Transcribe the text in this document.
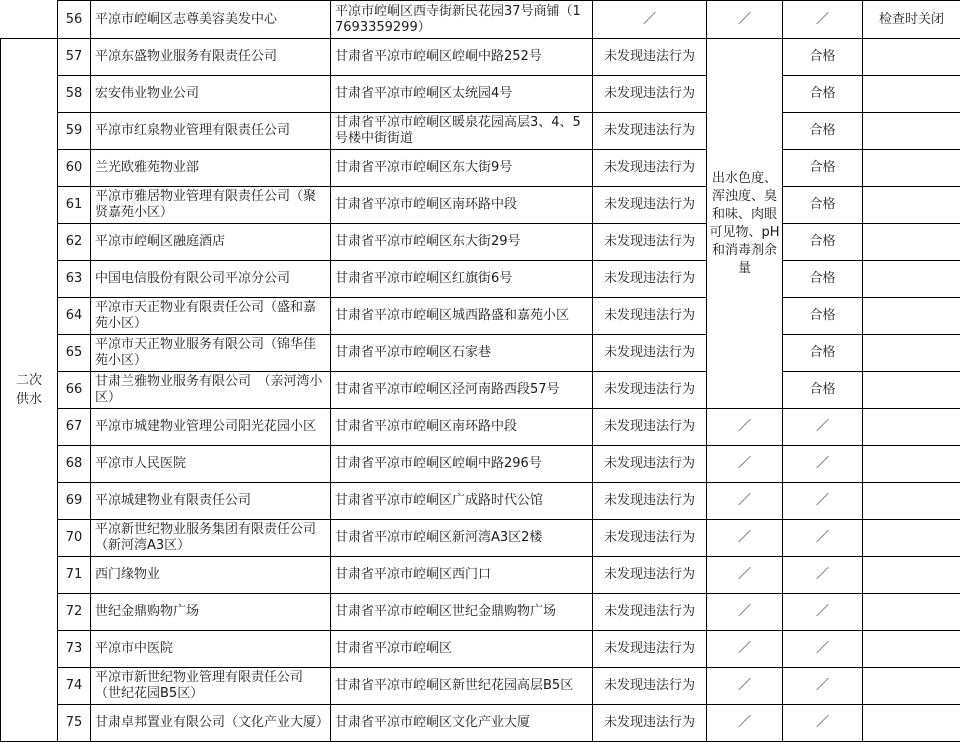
	56	平凉市崆峒区志尊美容美发中心	平凉市崆峒区西寺街新民花园37号商铺（17693359299）	／	／	／	检查时关闭
二次供水	57	平凉东盛物业服务有限责任公司	甘肃省平凉市崆峒区崆峒中路252号	未发现违法行为	出水色度、浑浊度、臭和味、肉眼可见物、pH和消毒剂余量	合格	
	58	宏安伟业物业公司	甘肃省平凉市崆峒区太统园4号	未发现违法行为		合格	
	59	平凉市红泉物业管理有限责任公司	甘肃省平凉市崆峒区暖泉花园高层3、4、5号楼中街街道	未发现违法行为		合格	
	60	兰光欧雅苑物业部	甘肃省平凉市崆峒区东大街9号	未发现违法行为		合格	
	61	平凉市雅居物业管理有限责任公司（聚贤嘉苑小区）	甘肃省平凉市崆峒区南环路中段	未发现违法行为		合格	
	62	平凉市崆峒区融庭酒店	甘肃省平凉市崆峒区东大街29号	未发现违法行为		合格	
	63	中国电信股份有限公司平凉分公司	甘肃省平凉市崆峒区红旗街6号	未发现违法行为		合格	
	64	平凉市天正物业有限责任公司（盛和嘉苑小区）	甘肃省平凉市崆峒区城西路盛和嘉苑小区	未发现违法行为		合格	
	65	平凉市天正物业服务有限公司（锦华佳苑小区）	甘肃省平凉市崆峒区石家巷	未发现违法行为		合格	
	66	甘肃兰雅物业服务有限公司　（亲河湾小区）	甘肃省平凉市崆峒区泾河南路西段57号	未发现违法行为		合格	
	67	平凉市城建物业管理公司阳光花园小区	甘肃省平凉市崆峒区南环路中段	未发现违法行为	／	／	
	68	平凉市人民医院	甘肃省平凉市崆峒区崆峒中路296号	未发现违法行为	／	／	
	69	平凉城建物业有限责任公司	甘肃省平凉市崆峒区广成路时代公馆	未发现违法行为	／	／	
	70	平凉新世纪物业服务集团有限责任公司（新河湾A3区）	甘肃省平凉市崆峒区新河湾A3区2楼	未发现违法行为	／	／	
	71	西门缘物业	甘肃省平凉市崆峒区西门口	未发现违法行为	／	／	
	72	世纪金鼎购物广场	甘肃省平凉市崆峒区世纪金鼎购物广场	未发现违法行为	／	／	
	73	平凉市中医院	甘肃省平凉市崆峒区	未发现违法行为	／	／	
	74	平凉市新世纪物业管理有限责任公司（世纪花园B5区）	甘肃省平凉市崆峒区新世纪花园高层B5区	未发现违法行为	／	／	
	75	甘肃卓邦置业有限公司（文化产业大厦）	甘肃省平凉市崆峒区文化产业大厦	未发现违法行为	／	／	
